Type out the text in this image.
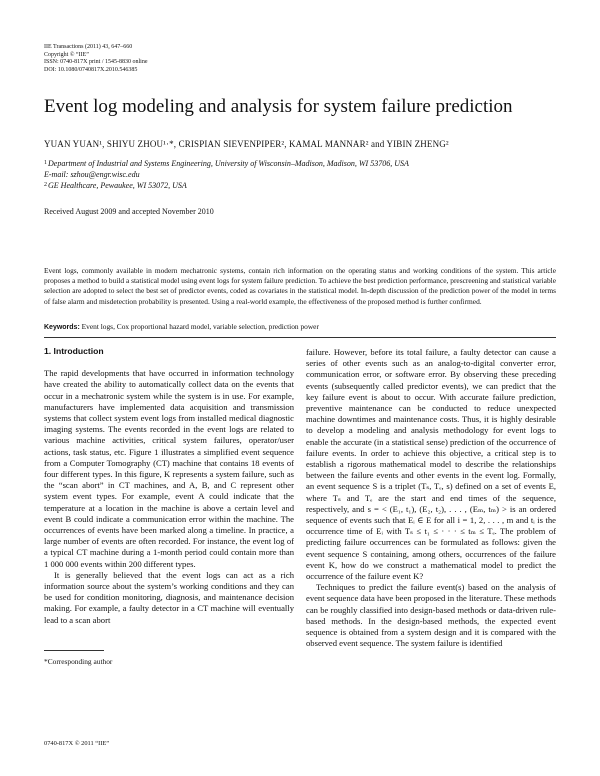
IIE Transactions (2011) 43, 647–660
Copyright © “IIE”
ISSN: 0740-817X print / 1545-8830 online
DOI: 10.1080/0740817X.2010.546385
Event log modeling and analysis for system failure prediction
YUAN YUAN¹, SHIYU ZHOU¹·*, CRISPIAN SIEVENPIPER², KAMAL MANNAR² and YIBIN ZHENG²
$^1$Department of Industrial and Systems Engineering, University of Wisconsin–Madison, Madison, WI 53706, USA
E-mail: szhou@engr.wisc.edu
$^2$GE Healthcare, Pewaukee, WI 53072, USA
Received August 2009 and accepted November 2010
Event logs, commonly available in modern mechatronic systems, contain rich information on the operating status and working conditions of the system. This article proposes a method to build a statistical model using event logs for system failure prediction. To achieve the best prediction performance, prescreening and statistical variable selection are adopted to select the best set of predictor events, coded as covariates in the statistical model. In-depth discussion of the prediction power of the model in terms of false alarm and misdetection probability is presented. Using a real-world example, the effectiveness of the proposed method is further confirmed.
Keywords: Event logs, Cox proportional hazard model, variable selection, prediction power
1. Introduction

The rapid developments that have occurred in information technology have created the ability to automatically collect data on the events that occur in a mechatronic system while the system is in use. For example, manufacturers have implemented data acquisition and transmission systems that collect system event logs from installed medical diagnostic imaging systems. The events recorded in the event logs are related to various machine activities, critical system failures, operator/user actions, task status, etc. Figure 1 illustrates a simplified event sequence from a Computer Tomography (CT) machine that contains 18 events of four different types. In this figure, K represents a system failure, such as the “scan abort” in CT machines, and A, B, and C represent other system event types. For example, event A could indicate that the temperature at a location in the machine is above a certain level and event B could indicate a communication error within the machine. The occurrences of events have been marked along a timeline. In practice, a large number of events are often recorded. For instance, the event log of a typical CT machine during a 1-month period could contain more than 1 000 000 events within 200 different types.

It is generally believed that the event logs can act as a rich information source about the system’s working conditions and they can be used for condition monitoring, diagnosis, and maintenance decision making. For example, a faulty detector in a CT machine will eventually lead to a scan abort

failure. However, before its total failure, a faulty detector can cause a series of other events such as an analog-to-digital converter error, communication error, or software error. By observing these preceding events (subsequently called predictor events), we can predict that the key failure event is about to occur. With accurate failure prediction, preventive maintenance can be conducted to reduce unexpected machine downtimes and maintenance costs. Thus, it is highly desirable to develop a modeling and analysis methodology for event logs to enable the accurate (in a statistical sense) prediction of the occurrence of failure events. In order to achieve this objective, a critical step is to establish a rigorous mathematical model to describe the relationships between the failure events and other events in the event log. Formally, an event sequence S is a triplet (Tₛ, Tₑ, s) defined on a set of events E, where Tₛ and Tₑ are the start and end times of the sequence, respectively, and s = < (E₁, t₁), (E₂, t₂), . . . , (Eₘ, tₘ) > is an ordered sequence of events such that Eᵢ ∈ E for all i = 1, 2, . . . , m and tᵢ is the occurrence time of Eᵢ with Tₛ ≤ t₁ ≤ · · · ≤ tₘ ≤ Tₑ. The problem of predicting failure occurrences can be formulated as follows: given the event sequence S containing, among others, occurrences of the failure event K, how do we construct a mathematical model to predict the occurrence of the failure event K?

Techniques to predict the failure event(s) based on the analysis of event sequence data have been proposed in the literature. These methods can be roughly classified into design-based methods or data-driven rule-based methods. In the design-based methods, the expected event sequence is obtained from a system design and it is compared with the observed event sequence. The system failure is identified

*Corresponding author
0740-817X © 2011 “IIE”
